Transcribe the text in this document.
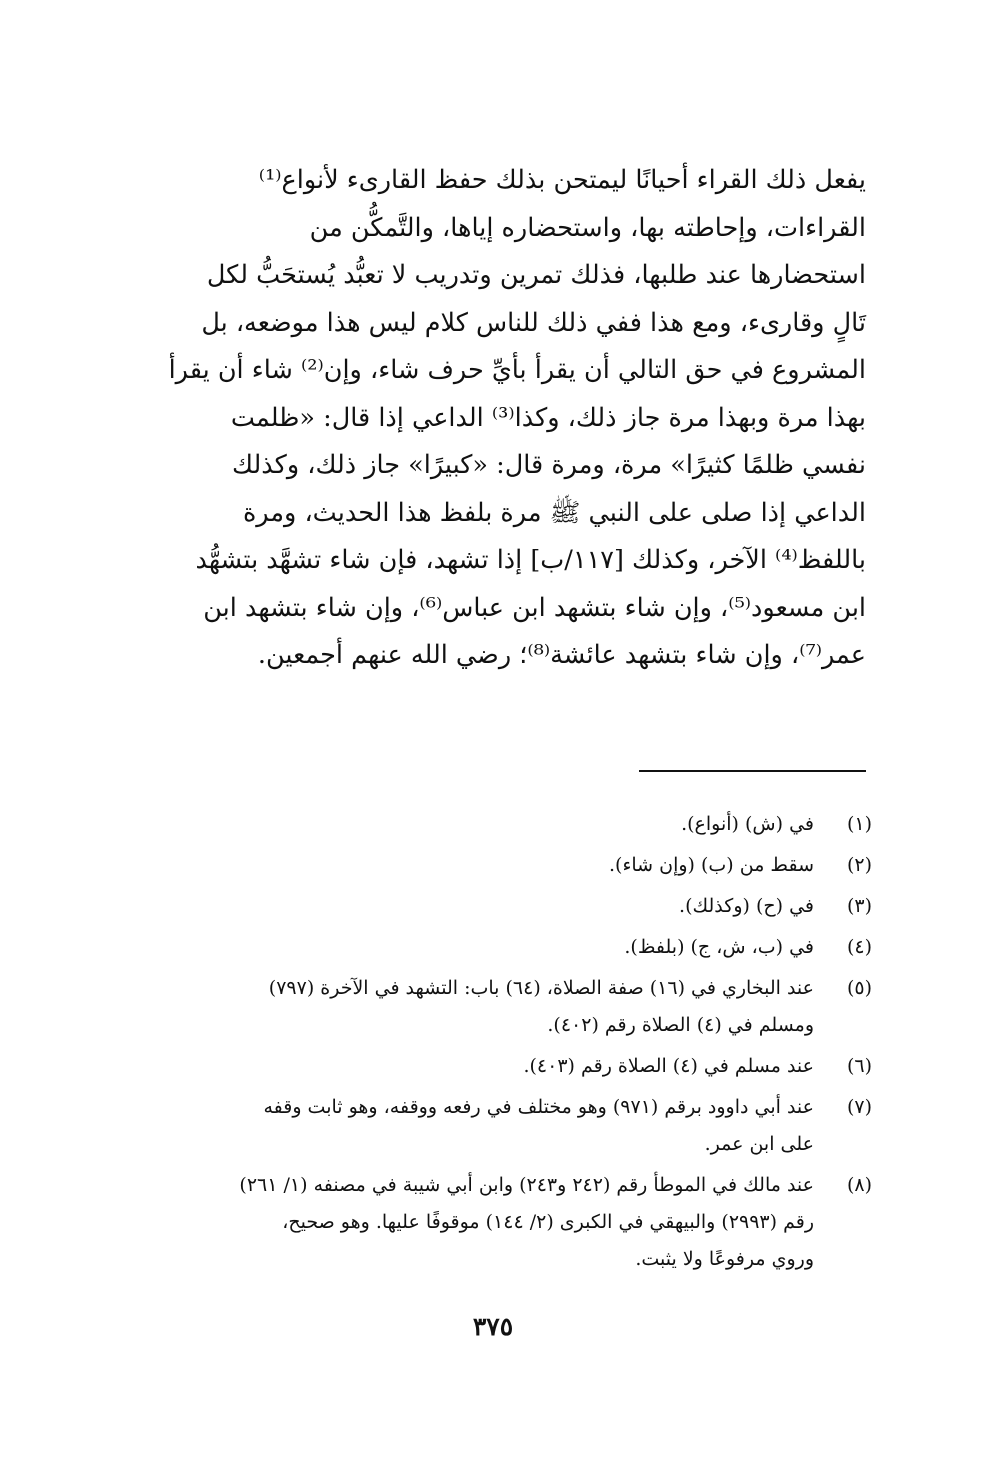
يفعل ذلك القراء أحيانًا ليمتحن بذلك حفظ القارىء لأنواع⁽¹⁾
القراءات، وإحاطته بها، واستحضاره إياها، والتَّمكُّن من
استحضارها عند طلبها، فذلك تمرين وتدريب لا تعبُّد يُستحَبُّ لكل
تَالٍ وقارىء، ومع هذا ففي ذلك للناس كلام ليس هذا موضعه، بل
المشروع في حق التالي أن يقرأ بأيِّ حرف شاء، وإن⁽²⁾ شاء أن يقرأ
بهذا مرة وبهذا مرة جاز ذلك، وكذا⁽³⁾ الداعي إذا قال: «ظلمت
نفسي ظلمًا كثيرًا» مرة، ومرة قال: «كبيرًا» جاز ذلك، وكذلك
الداعي إذا صلى على النبي ﷺ مرة بلفظ هذا الحديث، ومرة
باللفظ⁽⁴⁾ الآخر، وكذلك [١١٧/ب] إذا تشهد، فإن شاء تشهَّد بتشهُّد
ابن مسعود⁽⁵⁾، وإن شاء بتشهد ابن عباس⁽⁶⁾، وإن شاء بتشهد ابن
عمر⁽⁷⁾، وإن شاء بتشهد عائشة⁽⁸⁾؛ رضي الله عنهم أجمعين.
(١)
في (ش) (أنواع).
(٢)
سقط من (ب) (وإن شاء).
(٣)
في (ح) (وكذلك).
(٤)
في (ب، ش، ج) (بلفظ).
(٥)
عند البخاري في (١٦) صفة الصلاة، (٦٤) باب: التشهد في الآخرة (٧٩٧)
ومسلم في (٤) الصلاة رقم (٤٠٢).
(٦)
عند مسلم في (٤) الصلاة رقم (٤٠٣).
(٧)
عند أبي داوود برقم (٩٧١) وهو مختلف في رفعه ووقفه، وهو ثابت وقفه
على ابن عمر.
(٨)
عند مالك في الموطأ رقم (٢٤٢ و٢٤٣) وابن أبي شيبة في مصنفه (١/ ٢٦١)
رقم (٢٩٩٣) والبيهقي في الكبرى (٢/ ١٤٤) موقوفًا عليها. وهو صحيح،
وروي مرفوعًا ولا يثبت.
٣٧٥
